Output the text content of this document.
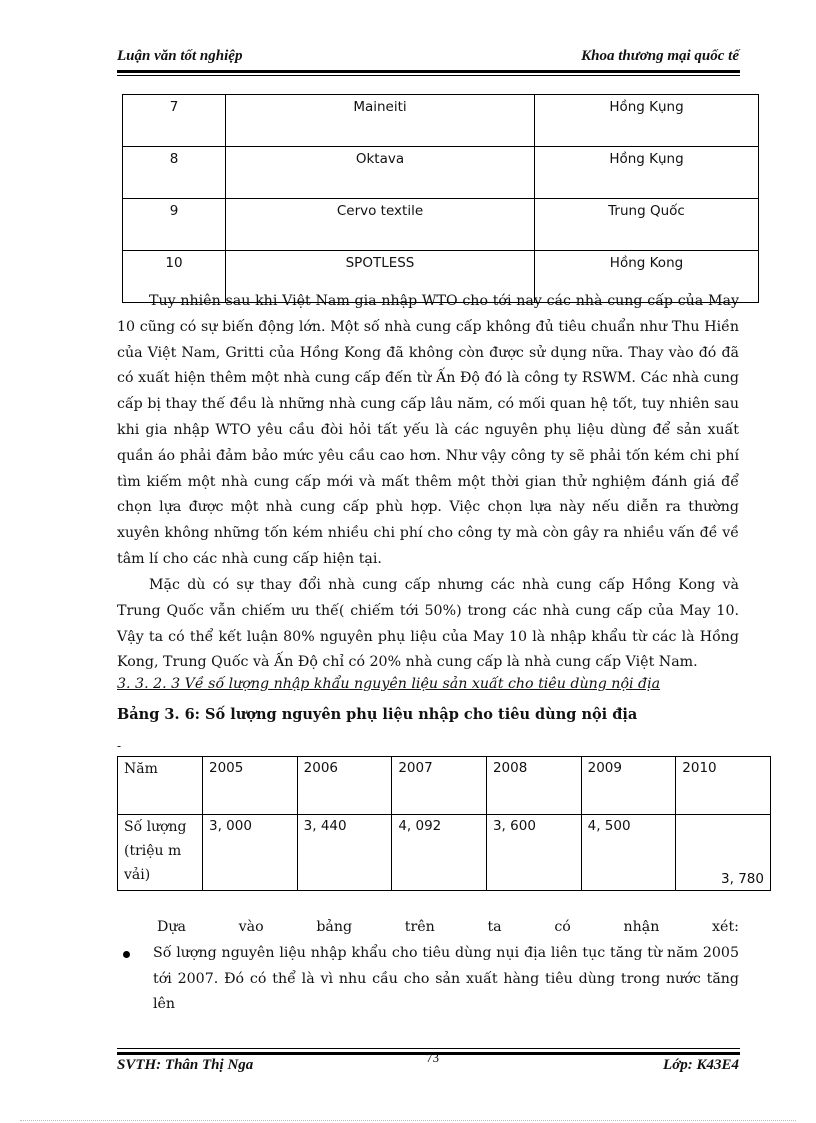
Luận văn tốt nghiệp	Khoa thương mại quốc tế
7	Maineiti	Hồng Kụng
8	Oktava	Hồng Kụng
9	Cervo textile	Trung Quốc
10	SPOTLESS	Hồng Kong

Tuy nhiên sau khi Việt Nam gia nhập WTO cho tới nay các nhà cung cấp của May 10 cũng có sự biến động lớn. Một số nhà cung cấp không đủ tiêu chuẩn như Thu Hiền của Việt Nam, Gritti của Hồng Kong đã không còn được sử dụng nữa. Thay vào đó đã có xuất hiện thêm một nhà cung cấp đến từ Ấn Độ đó là công ty RSWM. Các nhà cung cấp bị thay thế đều là những nhà cung cấp lâu năm, có mối quan hệ tốt, tuy nhiên sau khi gia nhập WTO yêu cầu đòi hỏi tất yếu là các nguyên phụ liệu dùng để sản xuất quần áo phải đảm bảo mức yêu cầu cao hơn. Như vậy công ty sẽ phải tốn kém chi phí tìm kiếm một nhà cung cấp mới và mất thêm một thời gian thử nghiệm đánh giá để chọn lựa được một nhà cung cấp phù hợp. Việc chọn lựa này nếu diễn ra thường xuyên không những tốn kém nhiều chi phí cho công ty mà còn gây ra nhiều vấn đề về tâm lí cho các nhà cung cấp hiện tại.

Mặc dù có sự thay đổi nhà cung cấp nhưng các nhà cung cấp Hồng Kong và Trung Quốc vẫn chiếm ưu thế( chiếm tới 50%) trong các nhà cung cấp của May 10. Vậy ta có thể kết luận 80% nguyên phụ liệu của May 10 là nhập khẩu từ các là Hồng Kong, Trung Quốc và Ấn Độ chỉ có 20% nhà cung cấp là nhà cung cấp Việt Nam.

3. 3. 2. 3 Về số lượng nhập khẩu nguyên liệu sản xuất cho tiêu dùng nội địa
Bảng 3. 6: Số lượng nguyên phụ liệu nhập cho tiêu dùng nội địa
-
Năm	2005	2006	2007	2008	2009	2010
Số lượng (triệu m vải)	3, 000	3, 440	4, 092	3, 600	4, 500	3, 780
Dựa	vào	bảng	trên	ta	có	nhận	xét:
Số lượng nguyên liệu nhập khẩu cho tiêu dùng nụi địa liên tục tăng từ năm 2005 tới 2007. Đó có thể là vì nhu cầu cho sản xuất hàng tiêu dùng trong nước tăng lên
73
SVTH: Thân Thị Nga	Lớp: K43E4
